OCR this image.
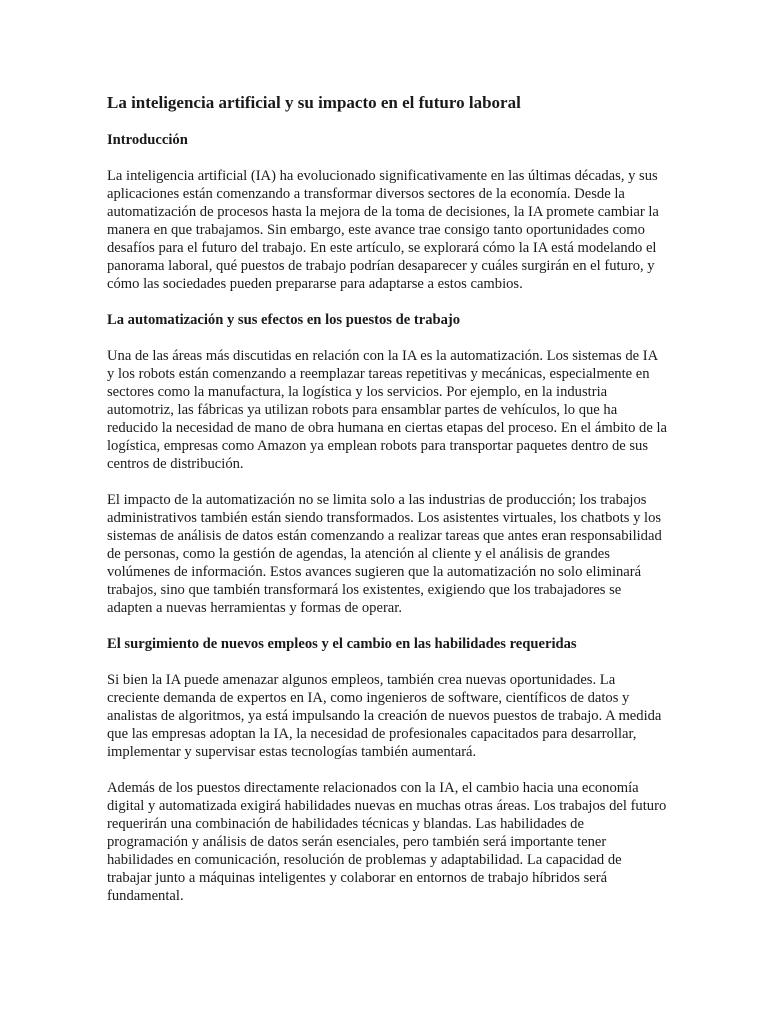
La inteligencia artificial y su impacto en el futuro laboral
Introducción

La inteligencia artificial (IA) ha evolucionado significativamente en las últimas décadas, y sus aplicaciones están comenzando a transformar diversos sectores de la economía. Desde la automatización de procesos hasta la mejora de la toma de decisiones, la IA promete cambiar la manera en que trabajamos. Sin embargo, este avance trae consigo tanto oportunidades como desafíos para el futuro del trabajo. En este artículo, se explorará cómo la IA está modelando el panorama laboral, qué puestos de trabajo podrían desaparecer y cuáles surgirán en el futuro, y cómo las sociedades pueden prepararse para adaptarse a estos cambios.

La automatización y sus efectos en los puestos de trabajo

Una de las áreas más discutidas en relación con la IA es la automatización. Los sistemas de IA y los robots están comenzando a reemplazar tareas repetitivas y mecánicas, especialmente en sectores como la manufactura, la logística y los servicios. Por ejemplo, en la industria automotriz, las fábricas ya utilizan robots para ensamblar partes de vehículos, lo que ha reducido la necesidad de mano de obra humana en ciertas etapas del proceso. En el ámbito de la logística, empresas como Amazon ya emplean robots para transportar paquetes dentro de sus centros de distribución.

El impacto de la automatización no se limita solo a las industrias de producción; los trabajos administrativos también están siendo transformados. Los asistentes virtuales, los chatbots y los sistemas de análisis de datos están comenzando a realizar tareas que antes eran responsabilidad de personas, como la gestión de agendas, la atención al cliente y el análisis de grandes volúmenes de información. Estos avances sugieren que la automatización no solo eliminará trabajos, sino que también transformará los existentes, exigiendo que los trabajadores se adapten a nuevas herramientas y formas de operar.

El surgimiento de nuevos empleos y el cambio en las habilidades requeridas

Si bien la IA puede amenazar algunos empleos, también crea nuevas oportunidades. La creciente demanda de expertos en IA, como ingenieros de software, científicos de datos y analistas de algoritmos, ya está impulsando la creación de nuevos puestos de trabajo. A medida que las empresas adoptan la IA, la necesidad de profesionales capacitados para desarrollar, implementar y supervisar estas tecnologías también aumentará.

Además de los puestos directamente relacionados con la IA, el cambio hacia una economía digital y automatizada exigirá habilidades nuevas en muchas otras áreas. Los trabajos del futuro requerirán una combinación de habilidades técnicas y blandas. Las habilidades de programación y análisis de datos serán esenciales, pero también será importante tener habilidades en comunicación, resolución de problemas y adaptabilidad. La capacidad de trabajar junto a máquinas inteligentes y colaborar en entornos de trabajo híbridos será fundamental.
